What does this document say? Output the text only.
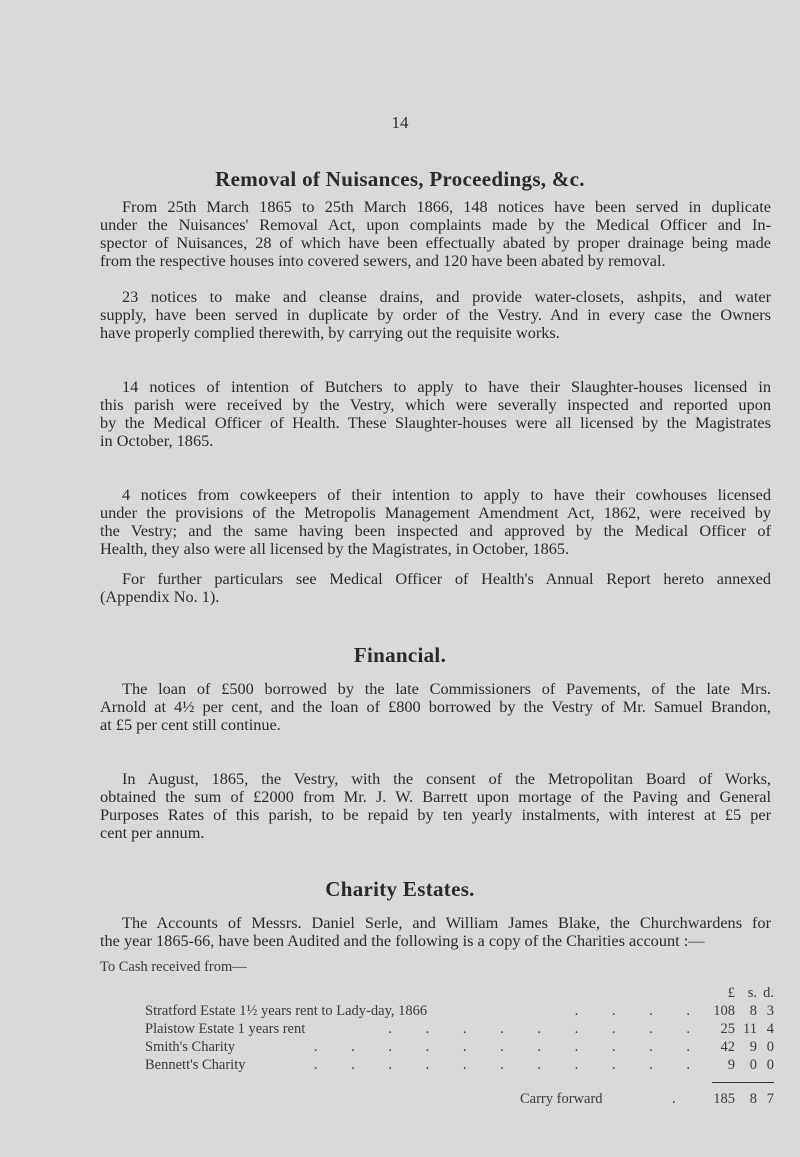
14
Removal of Nuisances, Proceedings, &c.
From 25th March 1865 to 25th March 1866, 148 notices have been served in duplicate
under the Nuisances' Removal Act, upon complaints made by the Medical Officer and In-
spector of Nuisances, 28 of which have been effectually abated by proper drainage being made
from the respective houses into covered sewers, and 120 have been abated by removal.
23 notices to make and cleanse drains, and provide water-closets, ashpits, and water
supply, have been served in duplicate by order of the Vestry. And in every case the Owners
have properly complied therewith, by carrying out the requisite works.
14 notices of intention of Butchers to apply to have their Slaughter-houses licensed in
this parish were received by the Vestry, which were severally inspected and reported upon
by the Medical Officer of Health. These Slaughter-houses were all licensed by the Magistrates
in October, 1865.
4 notices from cowkeepers of their intention to apply to have their cowhouses licensed
under the provisions of the Metropolis Management Amendment Act, 1862, were received by
the Vestry; and the same having been inspected and approved by the Medical Officer of
Health, they also were all licensed by the Magistrates, in October, 1865.
For further particulars see Medical Officer of Health's Annual Report hereto annexed
(Appendix No. 1).
Financial.
The loan of £500 borrowed by the late Commissioners of Pavements, of the late Mrs.
Arnold at 4½ per cent, and the loan of £800 borrowed by the Vestry of Mr. Samuel Brandon,
at £5 per cent still continue.
In August, 1865, the Vestry, with the consent of the Metropolitan Board of Works,
obtained the sum of £2000 from Mr. J. W. Barrett upon mortage of the Paving and General
Purposes Rates of this parish, to be repaid by ten yearly instalments, with interest at £5 per
cent per annum.
Charity Estates.
The Accounts of Messrs. Daniel Serle, and William James Blake, the Churchwardens for
the year 1865-66, have been Audited and the following is a copy of the Charities account :—
To Cash received from—
£ s. d.
Stratford Estate 1½ years rent to Lady-day, 1866	. . . . 108	8 3
Plaistow Estate 1 years rent	. . . . . . . . .	25 11 4
Smith's Charity	. . . . . . . . . . .	42	9 0
Bennett's Charity	. . . . . . . . . . .	9	0 0
Carry forward	.	185	8 7
